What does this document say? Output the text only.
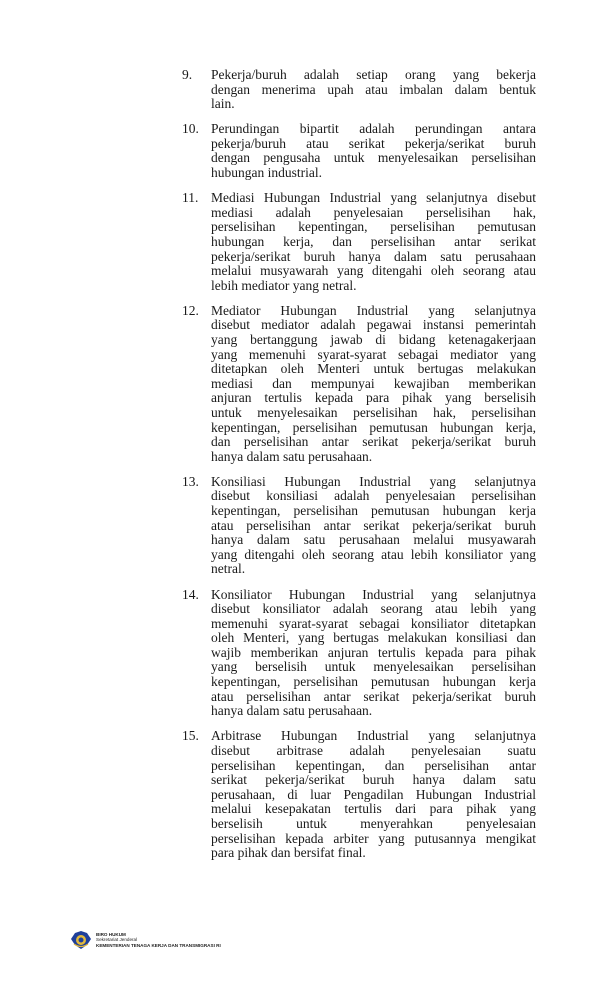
9. Pekerja/buruh adalah setiap orang yang bekerja
dengan menerima upah atau imbalan dalam bentuk
lain.
10. Perundingan bipartit adalah perundingan antara
pekerja/buruh atau serikat pekerja/serikat buruh
dengan pengusaha untuk menyelesaikan perselisihan
hubungan industrial.
11. Mediasi Hubungan Industrial yang selanjutnya disebut
mediasi adalah penyelesaian perselisihan hak,
perselisihan kepentingan, perselisihan pemutusan
hubungan kerja, dan perselisihan antar serikat
pekerja/serikat buruh hanya dalam satu perusahaan
melalui musyawarah yang ditengahi oleh seorang atau
lebih mediator yang netral.
12. Mediator Hubungan Industrial yang selanjutnya
disebut mediator adalah pegawai instansi pemerintah
yang bertanggung jawab di bidang ketenagakerjaan
yang memenuhi syarat-syarat sebagai mediator yang
ditetapkan oleh Menteri untuk bertugas melakukan
mediasi dan mempunyai kewajiban memberikan
anjuran tertulis kepada para pihak yang berselisih
untuk menyelesaikan perselisihan hak, perselisihan
kepentingan, perselisihan pemutusan hubungan kerja,
dan perselisihan antar serikat pekerja/serikat buruh
hanya dalam satu perusahaan.
13. Konsiliasi Hubungan Industrial yang selanjutnya
disebut konsiliasi adalah penyelesaian perselisihan
kepentingan, perselisihan pemutusan hubungan kerja
atau perselisihan antar serikat pekerja/serikat buruh
hanya dalam satu perusahaan melalui musyawarah
yang ditengahi oleh seorang atau lebih konsiliator yang
netral.
14. Konsiliator Hubungan Industrial yang selanjutnya
disebut konsiliator adalah seorang atau lebih yang
memenuhi syarat-syarat sebagai konsiliator ditetapkan
oleh Menteri, yang bertugas melakukan konsiliasi dan
wajib memberikan anjuran tertulis kepada para pihak
yang berselisih untuk menyelesaikan perselisihan
kepentingan, perselisihan pemutusan hubungan kerja
atau perselisihan antar serikat pekerja/serikat buruh
hanya dalam satu perusahaan.
15. Arbitrase Hubungan Industrial yang selanjutnya
disebut arbitrase adalah penyelesaian suatu
perselisihan kepentingan, dan perselisihan antar
serikat pekerja/serikat buruh hanya dalam satu
perusahaan, di luar Pengadilan Hubungan Industrial
melalui kesepakatan tertulis dari para pihak yang
berselisih untuk menyerahkan penyelesaian
perselisihan kepada arbiter yang putusannya mengikat
para pihak dan bersifat final.
BIRO HUKUM
Sekretariat Jenderal
KEMENTERIAN TENAGA KERJA DAN TRANSMIGRASI RI
